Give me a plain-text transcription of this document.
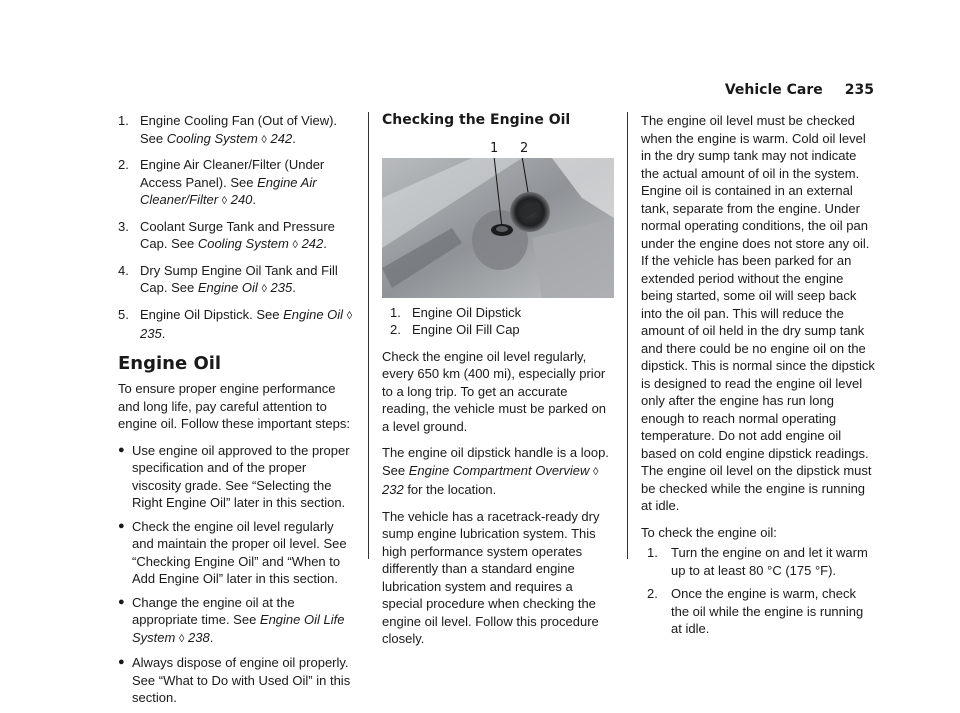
Vehicle Care 235
1. Engine Cooling Fan (Out of View). See Cooling System ◊ 242.
2. Engine Air Cleaner/Filter (Under Access Panel). See Engine Air Cleaner/Filter ◊ 240.
3. Coolant Surge Tank and Pressure Cap. See Cooling System ◊ 242.
4. Dry Sump Engine Oil Tank and Fill Cap. See Engine Oil ◊ 235.
5. Engine Oil Dipstick. See Engine Oil ◊ 235.
Engine Oil

To ensure proper engine performance and long life, pay careful attention to engine oil. Follow these important steps:

● Use engine oil approved to the proper specification and of the proper viscosity grade. See “Selecting the Right Engine Oil” later in this section.
● Check the engine oil level regularly and maintain the proper oil level. See “Checking Engine Oil” and “When to Add Engine Oil” later in this section.
● Change the engine oil at the appropriate time. See Engine Oil Life System ◊ 238.
● Always dispose of engine oil properly. See “What to Do with Used Oil” in this section.
Checking the Engine Oil
1 2
1. Engine Oil Dipstick
2. Engine Oil Fill Cap

Check the engine oil level regularly, every 650 km (400 mi), especially prior to a long trip. To get an accurate reading, the vehicle must be parked on a level ground.

The engine oil dipstick handle is a loop. See Engine Compartment Overview ◊ 232 for the location.

The vehicle has a racetrack-ready dry sump engine lubrication system. This high performance system operates differently than a standard engine lubrication system and requires a special procedure when checking the engine oil level. Follow this procedure closely.

The engine oil level must be checked when the engine is warm. Cold oil level in the dry sump tank may not indicate the actual amount of oil in the system. Engine oil is contained in an external tank, separate from the engine. Under normal operating conditions, the oil pan under the engine does not store any oil. If the vehicle has been parked for an extended period without the engine being started, some oil will seep back into the oil pan. This will reduce the amount of oil held in the dry sump tank and there could be no engine oil on the dipstick. This is normal since the dipstick is designed to read the engine oil level only after the engine has run long enough to reach normal operating temperature. Do not add engine oil based on cold engine dipstick readings. The engine oil level on the dipstick must be checked while the engine is running at idle.

To check the engine oil:

1. Turn the engine on and let it warm up to at least 80 °C (175 °F).
2. Once the engine is warm, check the oil while the engine is running at idle.
